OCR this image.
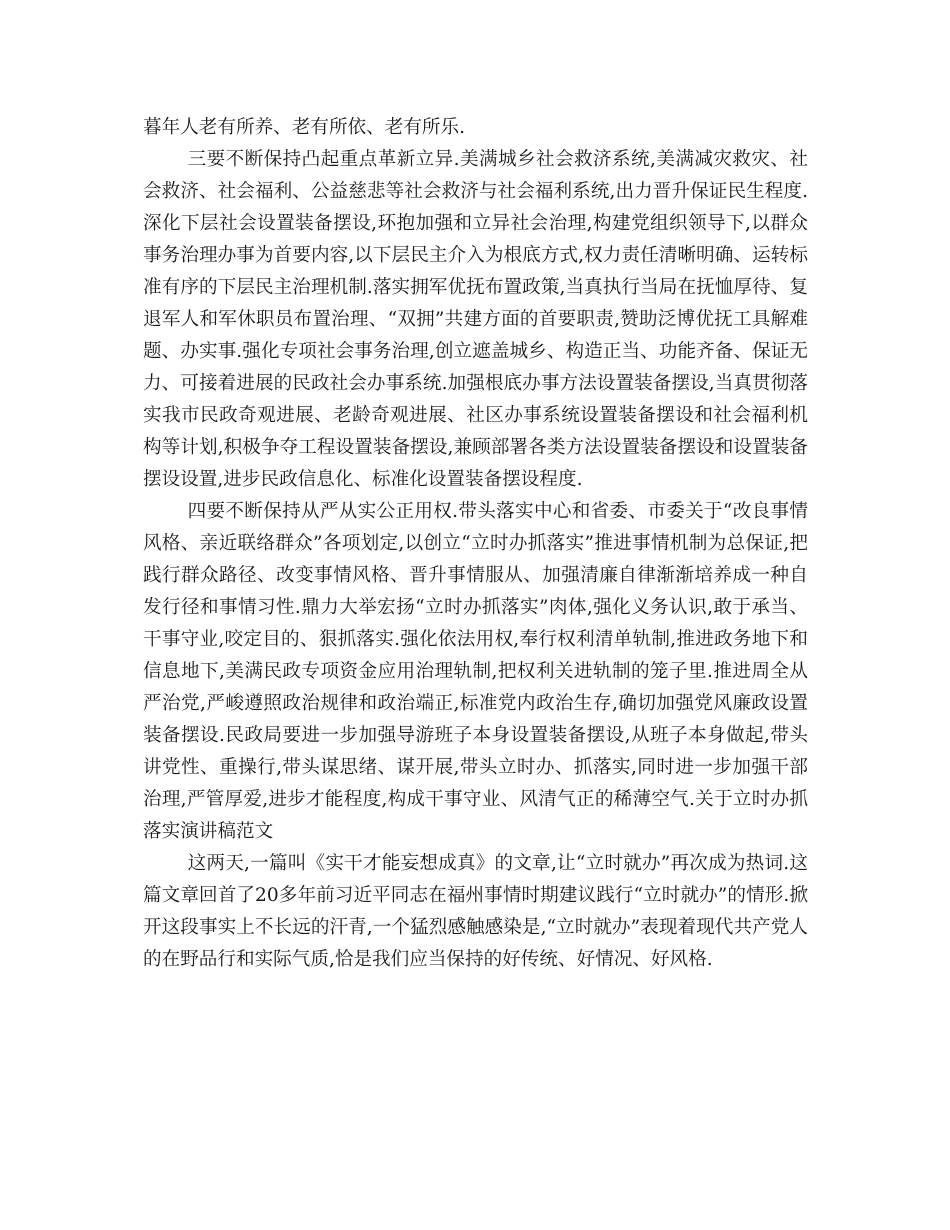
暮年人老有所养、老有所依、老有所乐.

三要不断保持凸起重点革新立异.美满城乡社会救济系统,美满减灾救灾、社会救济、社会福利、公益慈悲等社会救济与社会福利系统,出力晋升保证民生程度.深化下层社会设置装备摆设,环抱加强和立异社会治理,构建党组织领导下,以群众事务治理办事为首要内容,以下层民主介入为根底方式,权力责任清晰明确、运转标准有序的下层民主治理机制.落实拥军优抚布置政策,当真执行当局在抚恤厚待、复退军人和军休职员布置治理、“双拥”共建方面的首要职责,赞助泛博优抚工具解难题、办实事.强化专项社会事务治理,创立遮盖城乡、构造正当、功能齐备、保证无力、可接着进展的民政社会办事系统.加强根底办事方法设置装备摆设,当真贯彻落实我市民政奇观进展、老龄奇观进展、社区办事系统设置装备摆设和社会福利机构等计划,积极争夺工程设置装备摆设,兼顾部署各类方法设置装备摆设和设置装备摆设设置,进步民政信息化、标准化设置装备摆设程度.

四要不断保持从严从实公正用权.带头落实中心和省委、市委关于“改良事情风格、亲近联络群众”各项划定,以创立“立时办抓落实”推进事情机制为总保证,把践行群众路径、改变事情风格、晋升事情服从、加强清廉自律渐渐培养成一种自发行径和事情习性.鼎力大举宏扬“立时办抓落实”肉体,强化义务认识,敢于承当、干事守业,咬定目的、狠抓落实.强化依法用权,奉行权利清单轨制,推进政务地下和信息地下,美满民政专项资金应用治理轨制,把权利关进轨制的笼子里.推进周全从严治党,严峻遵照政治规律和政治端正,标准党内政治生存,确切加强党风廉政设置装备摆设.民政局要进一步加强导游班子本身设置装备摆设,从班子本身做起,带头讲党性、重操行,带头谋思绪、谋开展,带头立时办、抓落实,同时进一步加强干部治理,严管厚爱,进步才能程度,构成干事守业、风清气正的稀薄空气.关于立时办抓落实演讲稿范文

这两天,一篇叫《实干才能妄想成真》的文章,让“立时就办”再次成为热词.这篇文章回首了20多年前习近平同志在福州事情时期建议践行“立时就办”的情形.掀开这段事实上不长远的汗青,一个猛烈感触感染是,“立时就办”表现着现代共产党人的在野品行和实际气质,恰是我们应当保持的好传统、好情况、好风格.
